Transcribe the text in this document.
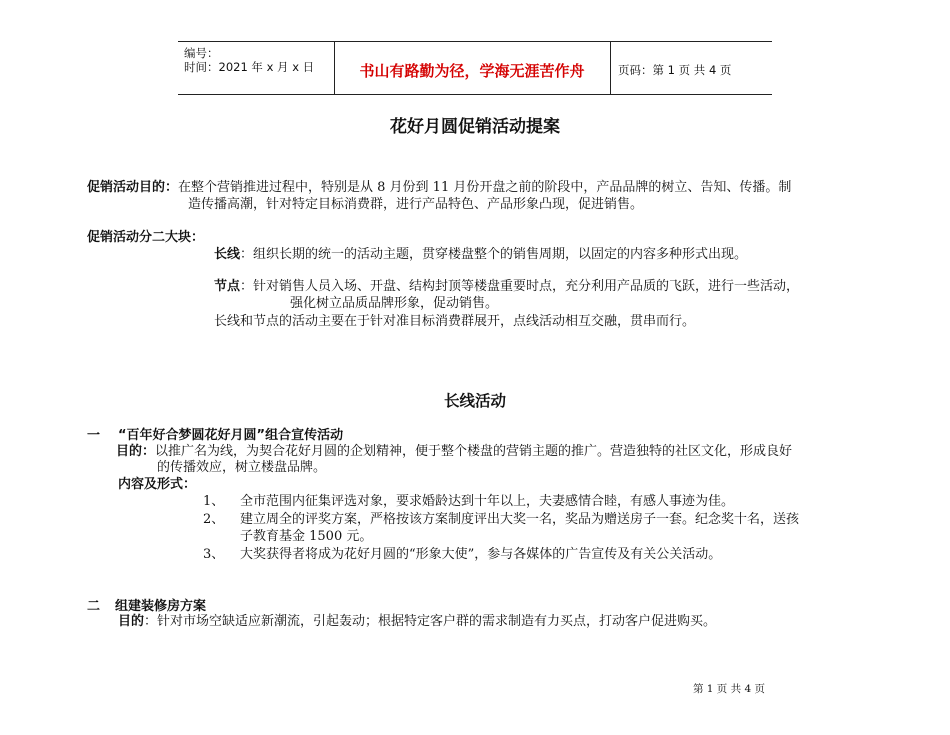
编号：
时间：2021 年 x 月 x 日	书山有路勤为径，学海无涯苦作舟	页码：第 1 页 共 4 页
花好月圆促销活动提案
促销活动目的：在整个营销推进过程中，特别是从 8 月份到 11 月份开盘之前的阶段中，产品品牌的树立、告知、传播。制
造传播高潮，针对特定目标消费群，进行产品特色、产品形象凸现，促进销售。
促销活动分二大块：
长线：组织长期的统一的活动主题，贯穿楼盘整个的销售周期，以固定的内容多种形式出现。
节点：针对销售人员入场、开盘、结构封顶等楼盘重要时点，充分利用产品质的飞跃，进行一些活动，
强化树立品质品牌形象，促动销售。
长线和节点的活动主要在于针对准目标消费群展开，点线活动相互交融，贯串而行。
长线活动
一 “百年好合梦圆花好月圆”组合宣传活动
目的：以推广名为线，为契合花好月圆的企划精神，便于整个楼盘的营销主题的推广。营造独特的社区文化，形成良好
的传播效应，树立楼盘品牌。
内容及形式：
1、 全市范围内征集评选对象，要求婚龄达到十年以上，夫妻感情合睦，有感人事迹为佳。
2、 建立周全的评奖方案，严格按该方案制度评出大奖一名，奖品为赠送房子一套。纪念奖十名，送孩
子教育基金 1500 元。
3、 大奖获得者将成为花好月圆的“形象大使”，参与各媒体的广告宣传及有关公关活动。
二 组建装修房方案
目的：针对市场空缺适应新潮流，引起轰动；根据特定客户群的需求制造有力买点，打动客户促进购买。
第 1 页 共 4 页
